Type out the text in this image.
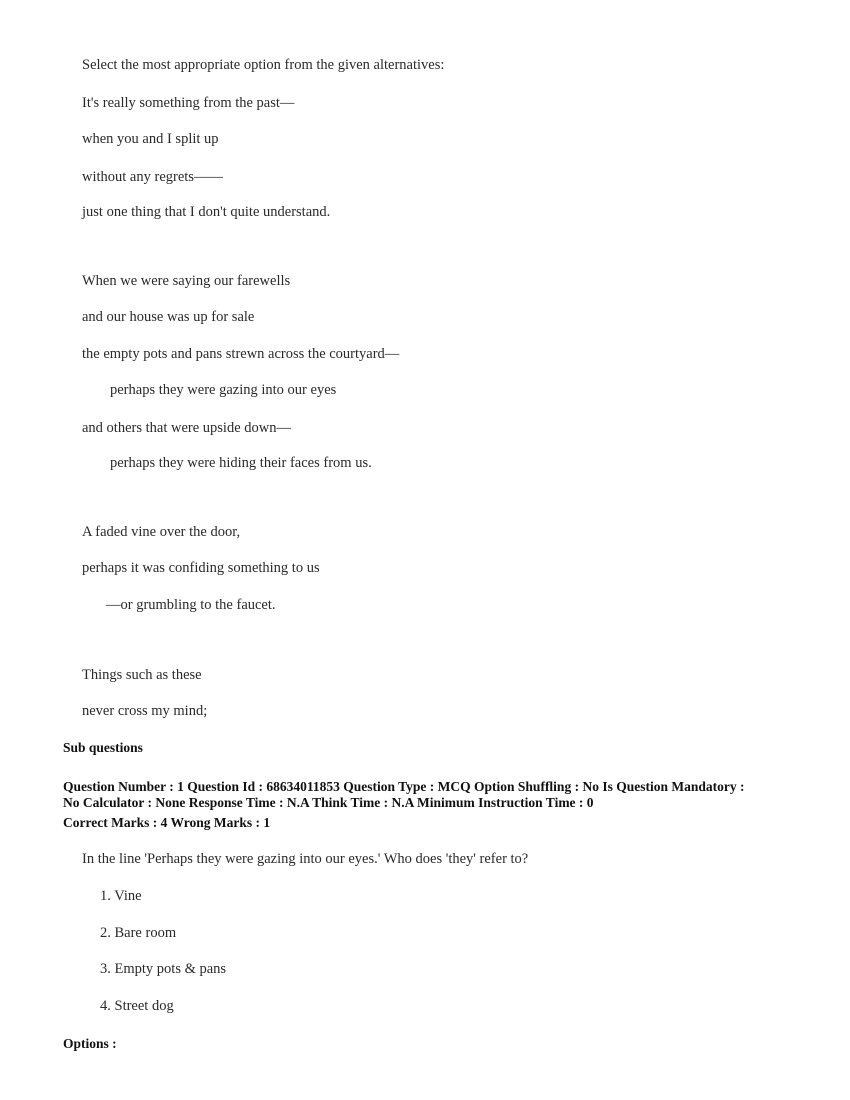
Select the most appropriate option from the given alternatives:
It's really something from the past—
when you and I split up
without any regrets——
just one thing that I don't quite understand.
When we were saying our farewells
and our house was up for sale
the empty pots and pans strewn across the courtyard—
perhaps they were gazing into our eyes
and others that were upside down—
perhaps they were hiding their faces from us.
A faded vine over the door,
perhaps it was confiding something to us
—or grumbling to the faucet.
Things such as these
never cross my mind;
Sub questions
Question Number : 1 Question Id : 68634011853 Question Type : MCQ Option Shuffling : No Is Question Mandatory :
No Calculator : None Response Time : N.A Think Time : N.A Minimum Instruction Time : 0
Correct Marks : 4 Wrong Marks : 1
In the line 'Perhaps they were gazing into our eyes.' Who does 'they' refer to?
1. Vine
2. Bare room
3. Empty pots & pans
4. Street dog
Options :
